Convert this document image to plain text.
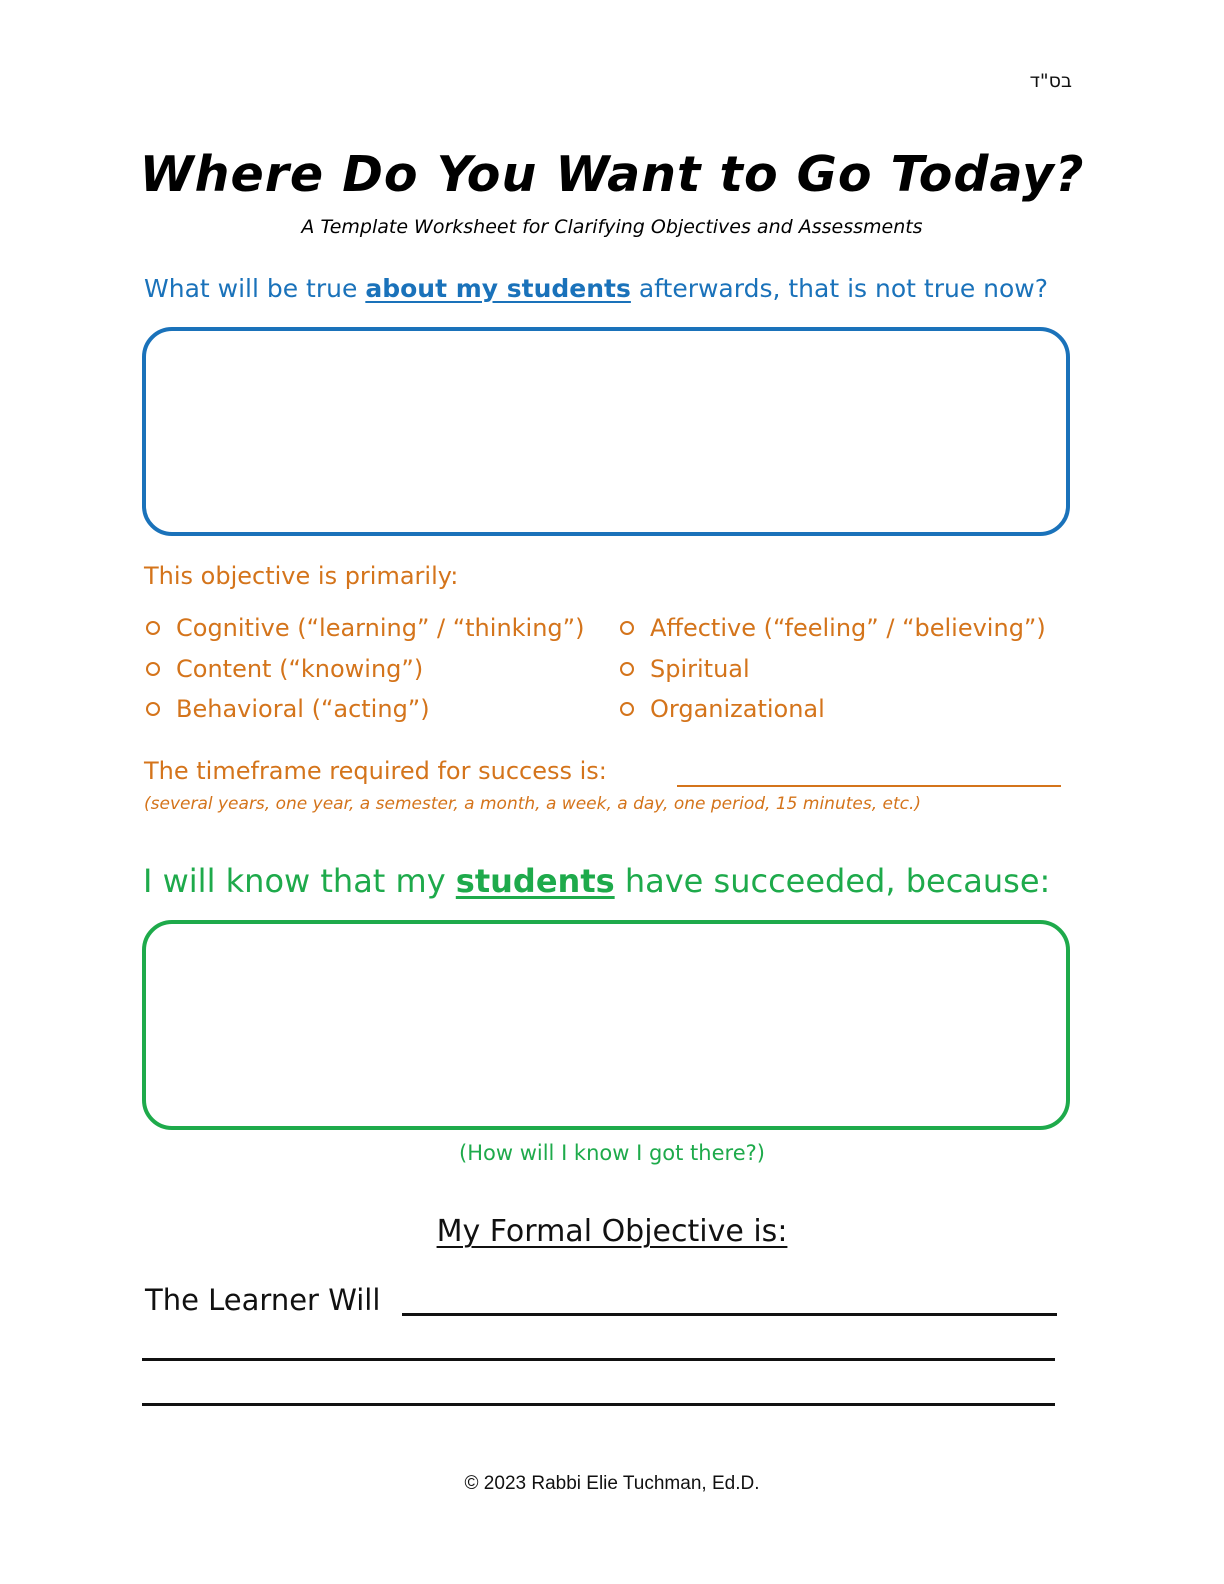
בס"ד
Where Do You Want to Go Today?
A Template Worksheet for Clarifying Objectives and Assessments
What will be true about my students afterwards, that is not true now?
This objective is primarily:
Cognitive (“learning” / “thinking”)
Content (“knowing”)
Behavioral (“acting”)
Affective (“feeling” / “believing”)
Spiritual
Organizational
The timeframe required for success is:
(several years, one year, a semester, a month, a week, a day, one period, 15 minutes, etc.)
I will know that my students have succeeded, because:
(How will I know I got there?)
My Formal Objective is:
The Learner Will
© 2023 Rabbi Elie Tuchman, Ed.D.
